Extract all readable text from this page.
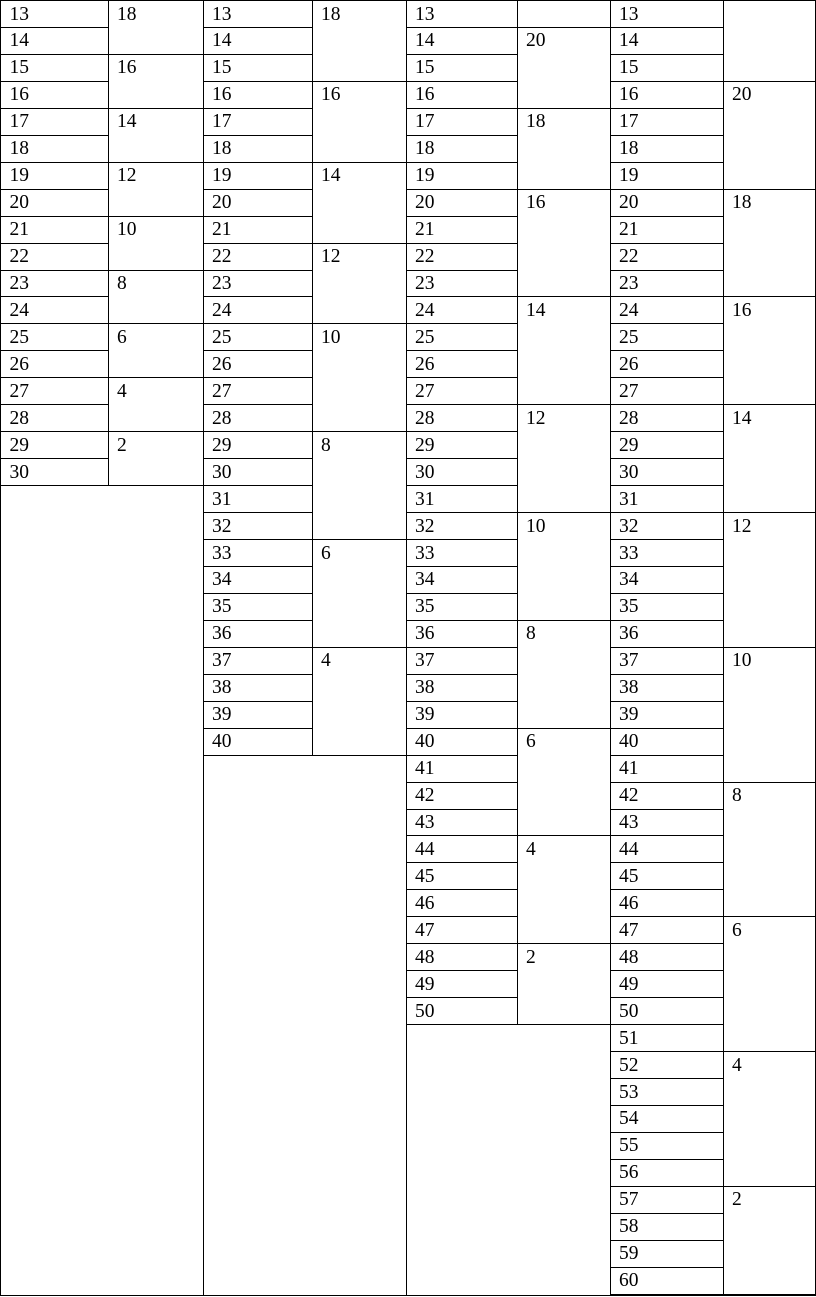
13
14
15
16
17
18
19
20
21
22
23
24
25
26
27
28
29
30
18
16
14
12
10
8
6
4
2
13
14
15
16
17
18
19
20
21
22
23
24
25
26
27
28
29
30
31
32
33
34
35
36
37
38
39
40
18
16
14
12
10
8
6
4
13
14
15
16
17
18
19
20
21
22
23
24
25
26
27
28
29
30
31
32
33
34
35
36
37
38
39
40
41
42
43
44
45
46
47
48
49
50
20
18
16
14
12
10
8
6
4
2
13
14
15
16
17
18
19
20
21
22
23
24
25
26
27
28
29
30
31
32
33
34
35
36
37
38
39
40
41
42
43
44
45
46
47
48
49
50
51
52
53
54
55
56
57
58
59
60
20
18
16
14
12
10
8
6
4
2
